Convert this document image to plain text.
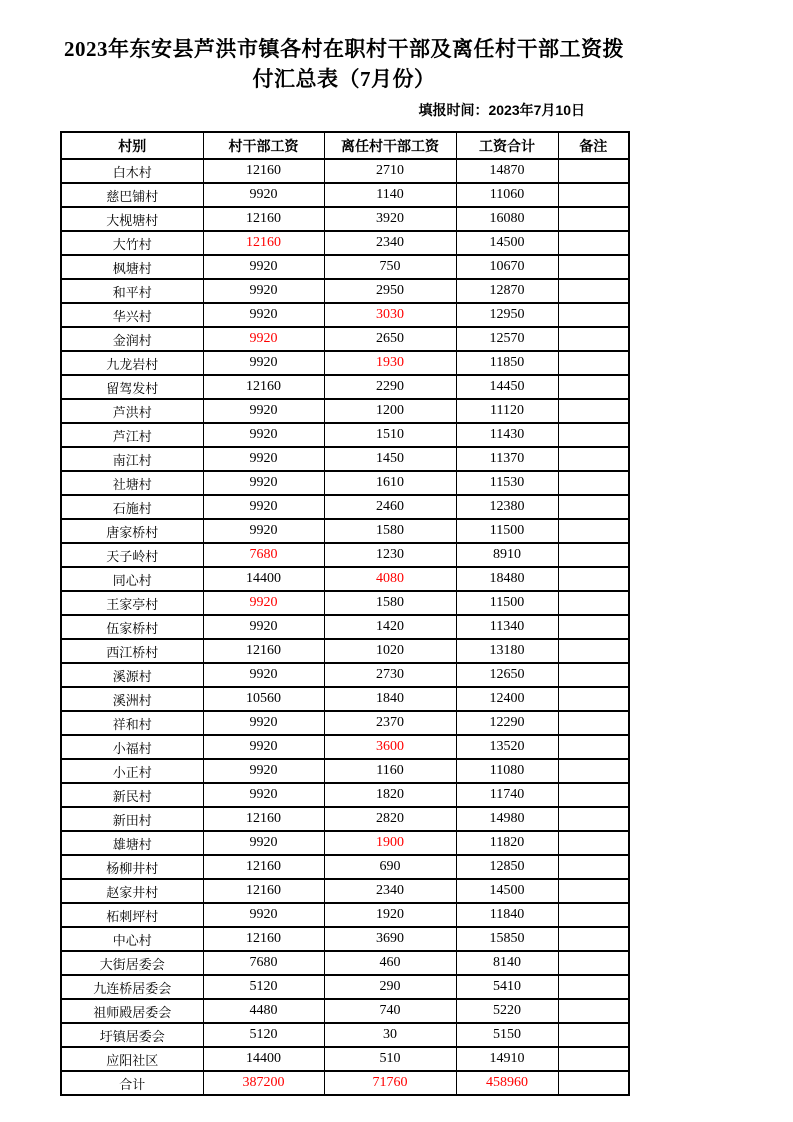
2023年东安县芦洪市镇各村在职村干部及离任村干部工资拨
付汇总表（7月份）
填报时间：2023年7月10日
村别	村干部工资	离任村干部工资	工资合计	备注
白木村	12160	2710	14870	
慈巴铺村	9920	1140	11060	
大枧塘村	12160	3920	16080	
大竹村	12160	2340	14500	
枫塘村	9920	750	10670	
和平村	9920	2950	12870	
华兴村	9920	3030	12950	
金润村	9920	2650	12570	
九龙岩村	9920	1930	11850	
留驾发村	12160	2290	14450	
芦洪村	9920	1200	11120	
芦江村	9920	1510	11430	
南江村	9920	1450	11370	
社塘村	9920	1610	11530	
石施村	9920	2460	12380	
唐家桥村	9920	1580	11500	
天子岭村	7680	1230	8910	
同心村	14400	4080	18480	
王家亭村	9920	1580	11500	
伍家桥村	9920	1420	11340	
西江桥村	12160	1020	13180	
溪源村	9920	2730	12650	
溪洲村	10560	1840	12400	
祥和村	9920	2370	12290	
小福村	9920	3600	13520	
小正村	9920	1160	11080	
新民村	9920	1820	11740	
新田村	12160	2820	14980	
雄塘村	9920	1900	11820	
杨柳井村	12160	690	12850	
赵家井村	12160	2340	14500	
柘刺坪村	9920	1920	11840	
中心村	12160	3690	15850	
大街居委会	7680	460	8140	
九连桥居委会	5120	290	5410	
祖师殿居委会	4480	740	5220	
圩镇居委会	5120	30	5150	
应阳社区	14400	510	14910	
合计	387200	71760	458960	
